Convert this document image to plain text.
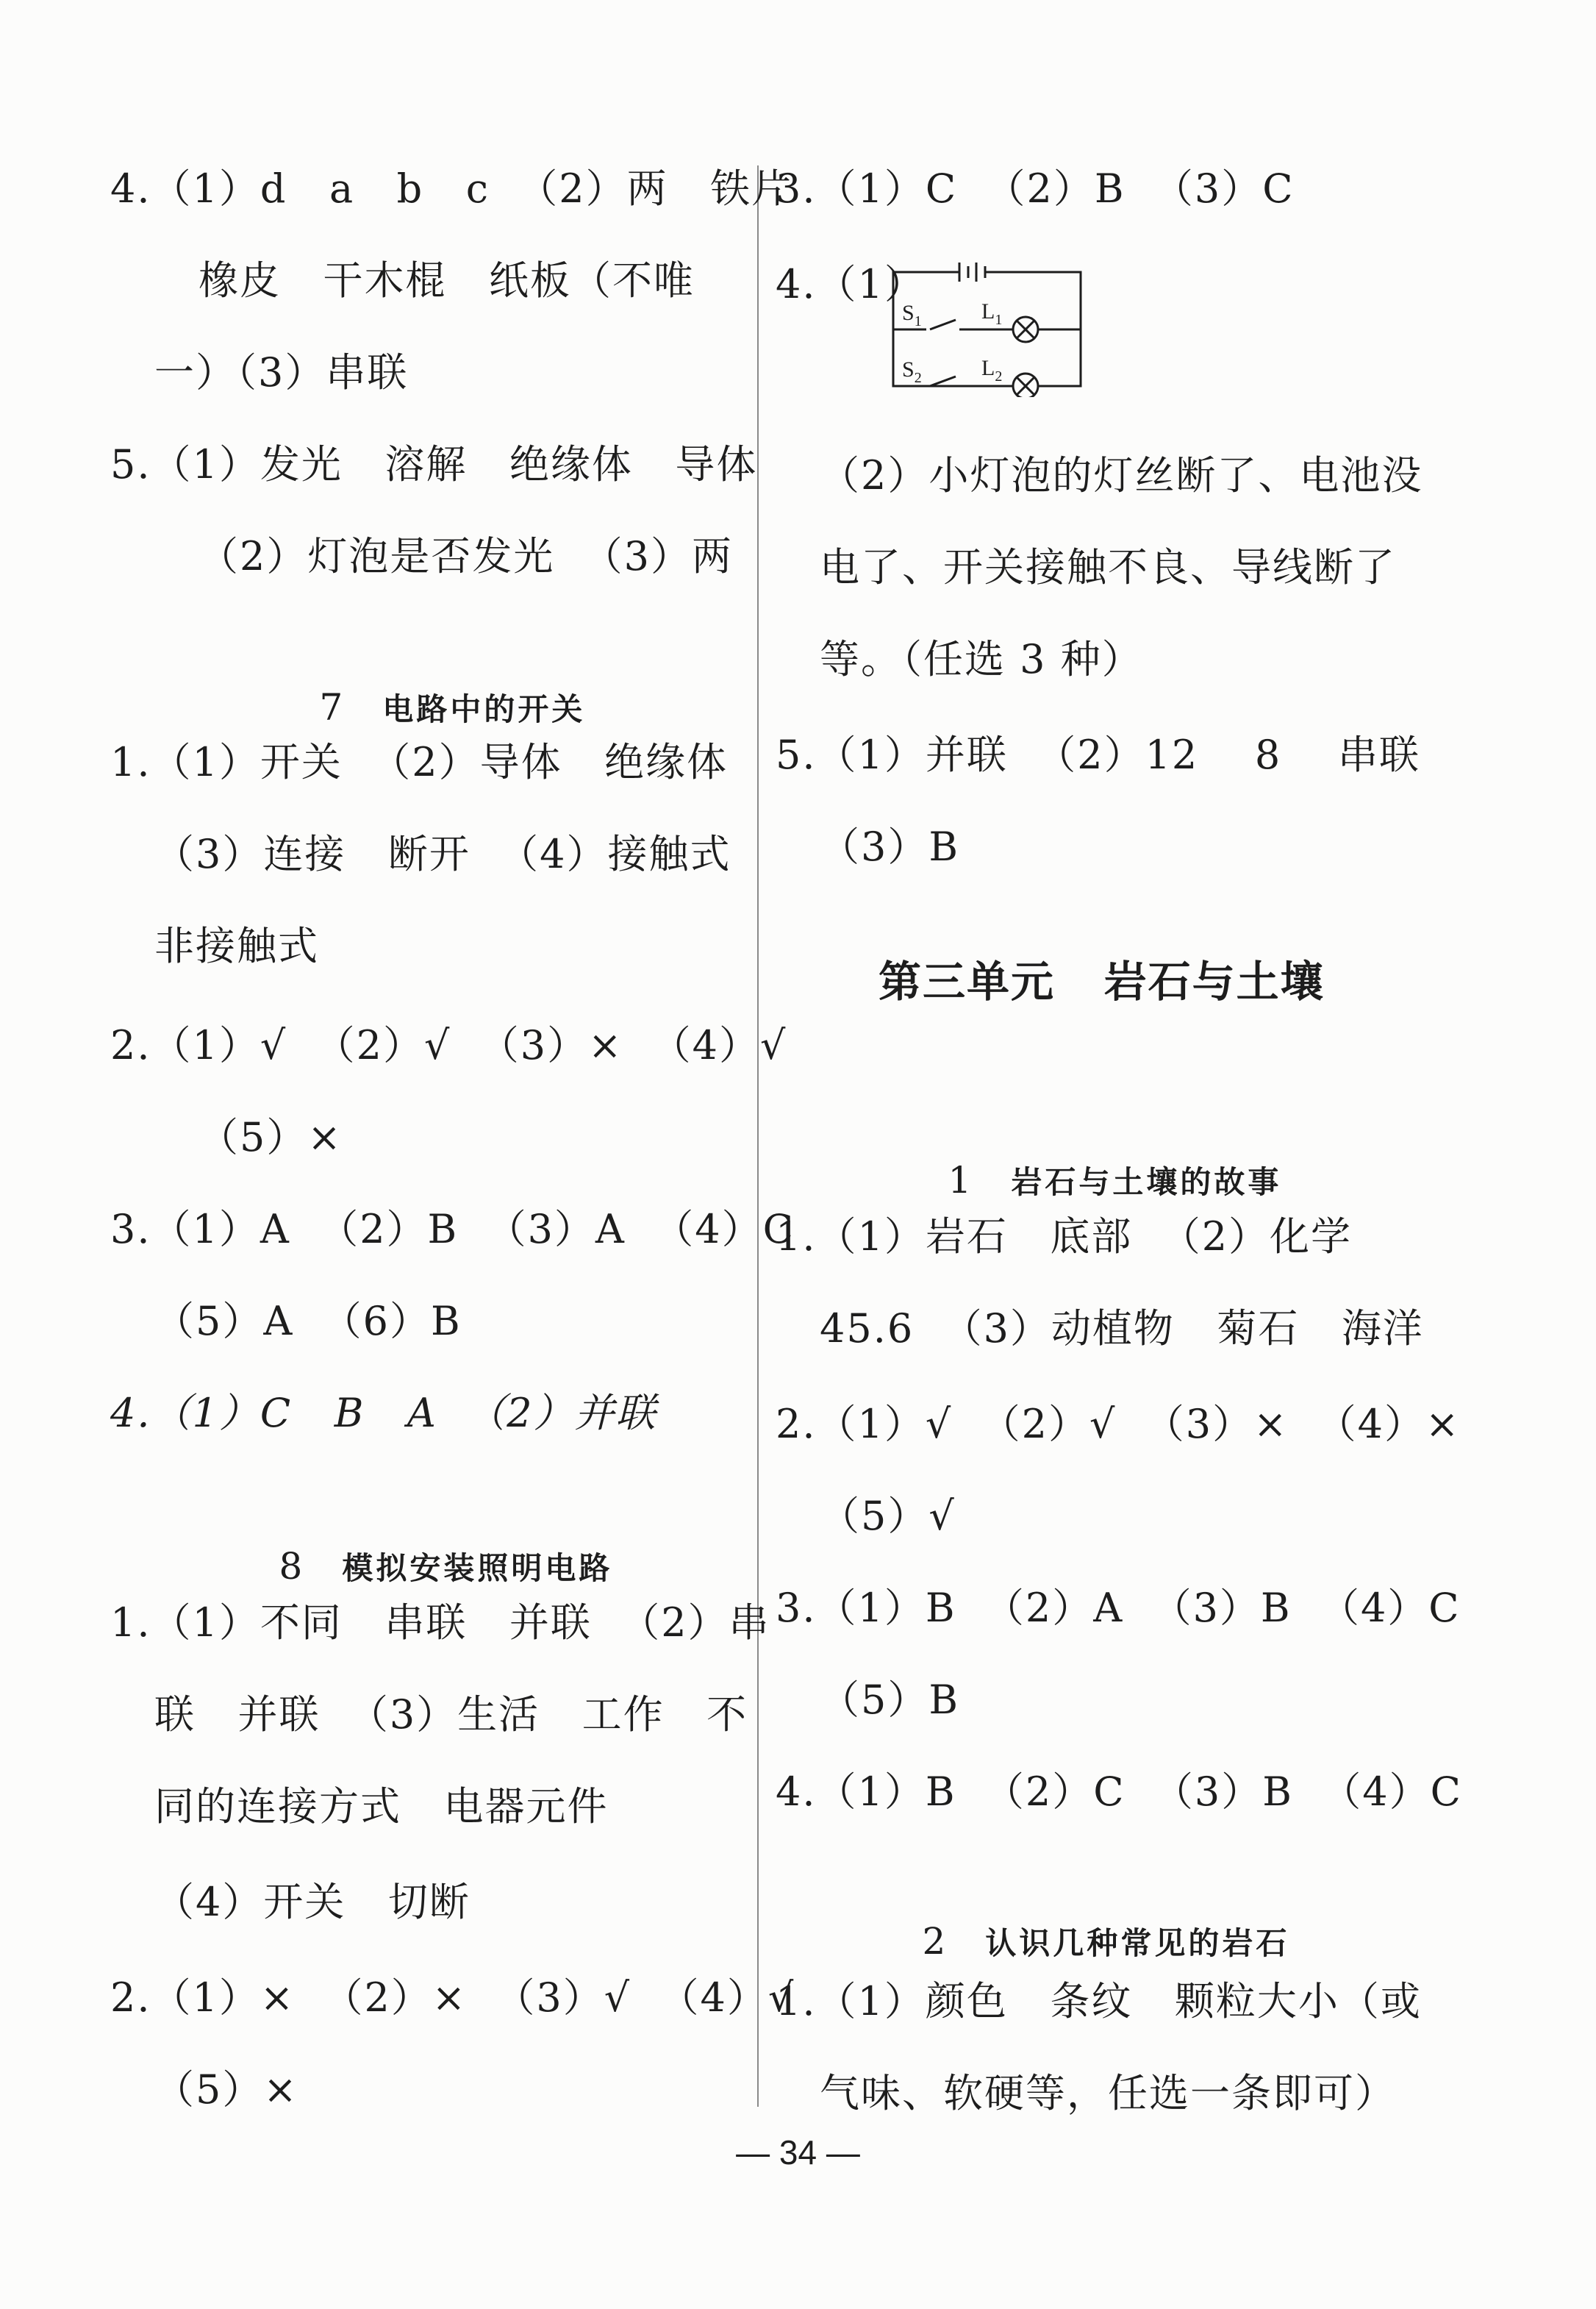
4.（1）d   a   b   c  （2）两   铁片
橡皮   干木棍   纸板（不唯
一）（3）串联
5.（1）发光   溶解   绝缘体   导体
（2）灯泡是否发光  （3）两

7 电路中的开关

1.（1）开关  （2）导体   绝缘体
（3）连接   断开  （4）接触式
非接触式
2.（1）√  （2）√  （3）×  （4）√
（5）×
3.（1）A  （2）B  （3）A  （4）C
（5）A  （6）B
4.（1）C   B   A  （2）并联

8 模拟安装照明电路

1.（1）不同   串联   并联  （2）串
联   并联  （3）生活   工作   不
同的连接方式   电器元件
（4）开关   切断
2.（1）×  （2）×  （3）√  （4）√
（5）×
3.（1）C  （2）B  （3）C
4.（1）
$S_1$	$L_1$
$S_2$	$L_2$
（2）小灯泡的灯丝断了、电池没
电了、开关接触不良、导线断了
等。（任选 3 种）
5.（1）并联  （2）12    8    串联
（3）B
第三单元   岩石与土壤

1 岩石与土壤的故事

1.（1）岩石   底部  （2）化学
45.6  （3）动植物   菊石   海洋
2.（1）√  （2）√  （3）×  （4）×
（5）√
3.（1）B  （2）A  （3）B  （4）C
（5）B
4.（1）B  （2）C  （3）B  （4）C

2 认识几种常见的岩石

1.（1）颜色   条纹   颗粒大小（或
气味、软硬等，任选一条即可）
— 34 —
